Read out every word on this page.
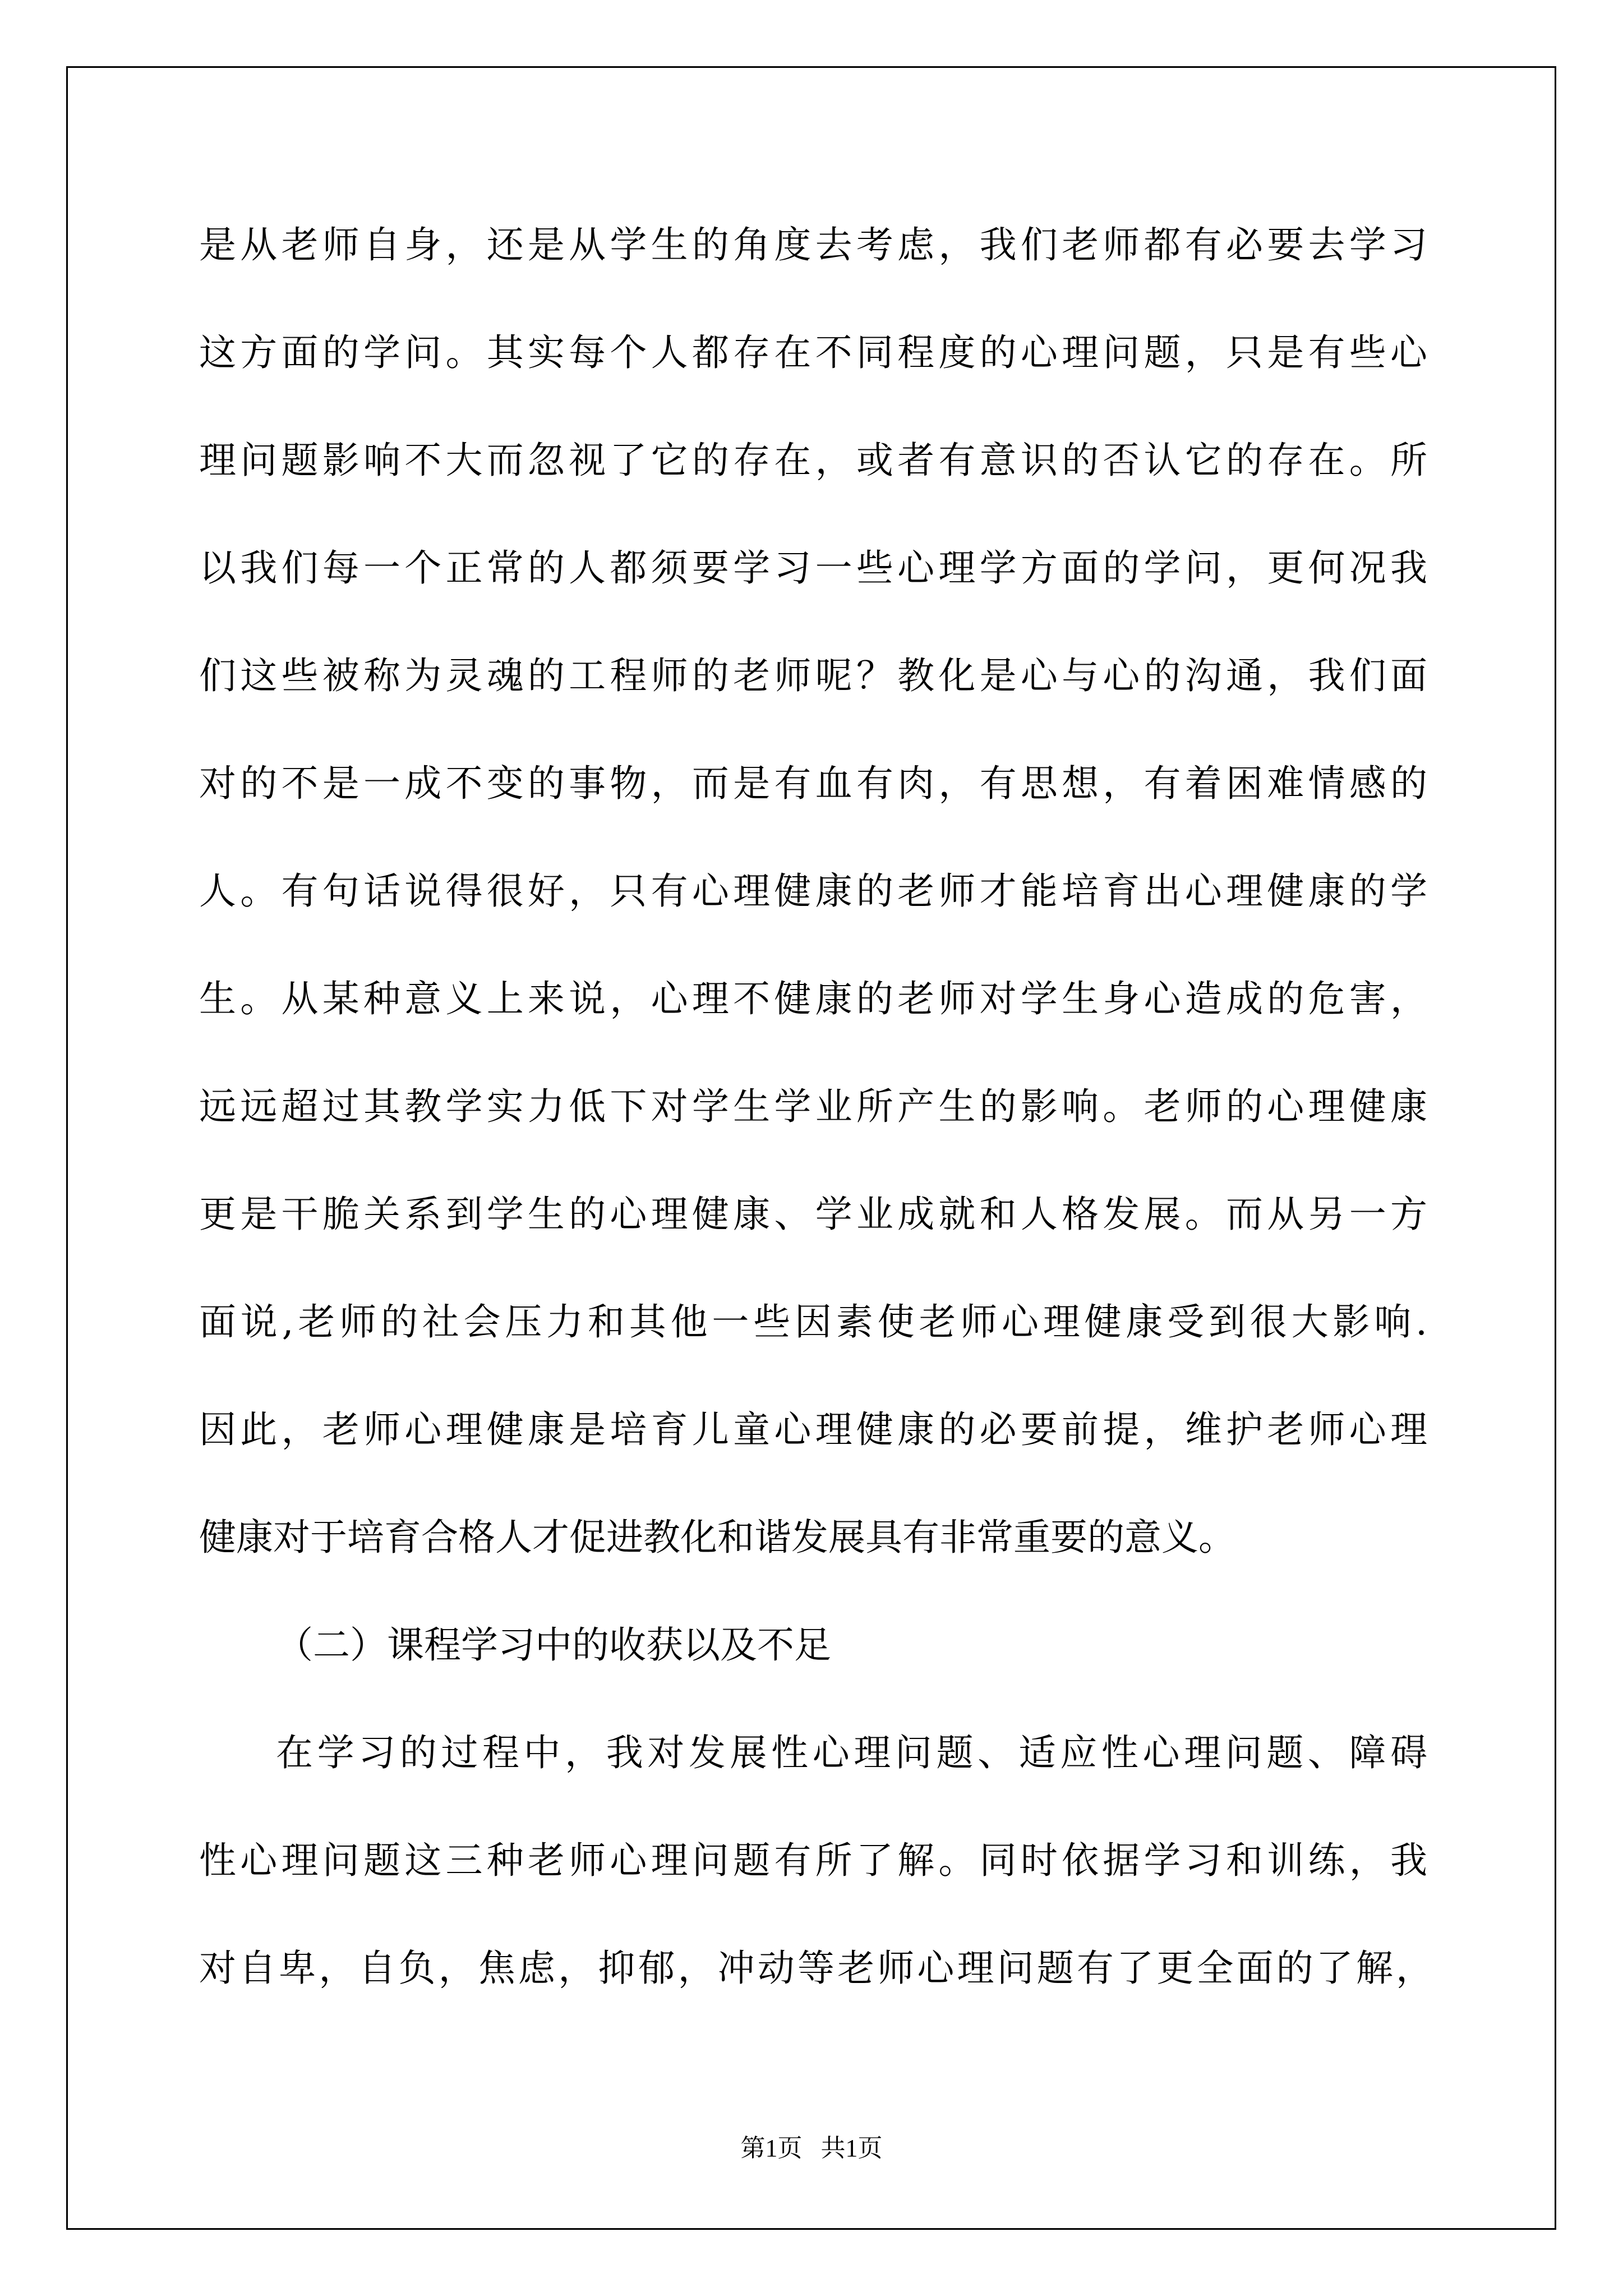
是从老师自身，还是从学生的角度去考虑，我们老师都有必要去学习
这方面的学问。其实每个人都存在不同程度的心理问题，只是有些心
理问题影响不大而忽视了它的存在，或者有意识的否认它的存在。所
以我们每一个正常的人都须要学习一些心理学方面的学问，更何况我
们这些被称为灵魂的工程师的老师呢？教化是心与心的沟通，我们面
对的不是一成不变的事物，而是有血有肉，有思想，有着困难情感的
人。有句话说得很好，只有心理健康的老师才能培育出心理健康的学
生。从某种意义上来说，心理不健康的老师对学生身心造成的危害，
远远超过其教学实力低下对学生学业所产生的影响。老师的心理健康
更是干脆关系到学生的心理健康、学业成就和人格发展。而从另一方
面说,老师的社会压力和其他一些因素使老师心理健康受到很大影响.
因此，老师心理健康是培育儿童心理健康的必要前提，维护老师心理
健康对于培育合格人才促进教化和谐发展具有非常重要的意义。
（二）课程学习中的收获以及不足
在学习的过程中，我对发展性心理问题、适应性心理问题、障碍
性心理问题这三种老师心理问题有所了解。同时依据学习和训练，我
对自卑，自负，焦虑，抑郁，冲动等老师心理问题有了更全面的了解，
第1页   共1页
